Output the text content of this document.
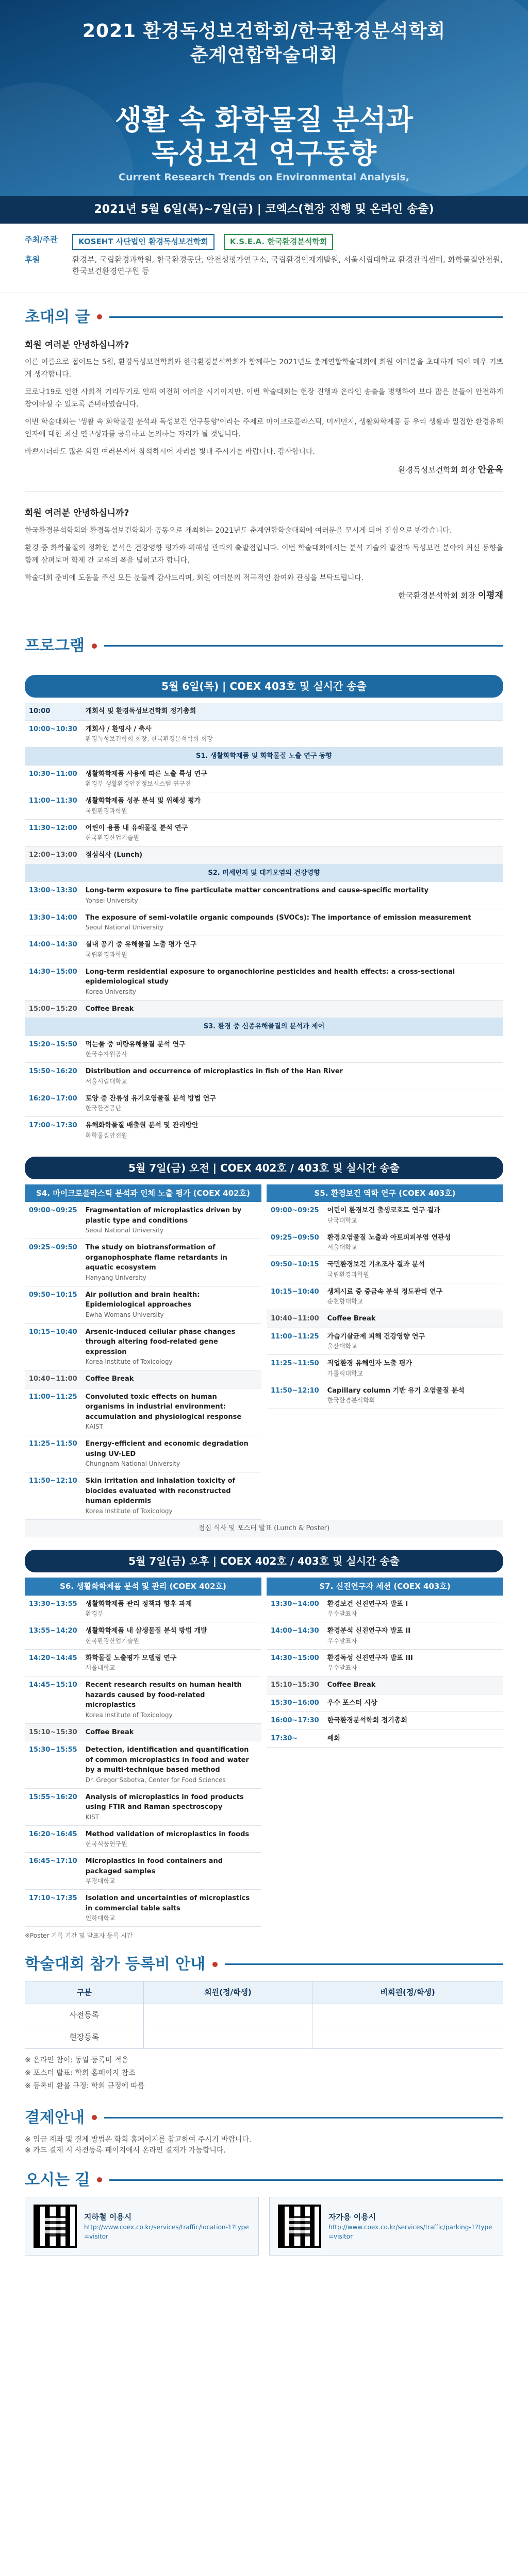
2021 환경독성보건학회/한국환경분석학회
춘계연합학술대회
생활 속 화학물질 분석과
독성보건 연구동향
Current Research Trends on Environmental Analysis,
2021년 5월 6일(목)~7일(금) | 코엑스(현장 진행 및 온라인 송출)
주최/주관	KOSEHT 사단법인 환경독성보건학회	K.S.E.A. 한국환경분석학회
후원	환경부, 국립환경과학원, 한국환경공단, 안전성평가연구소, 국립환경인재개발원, 서울시립대학교 환경관리센터, 화학물질안전원, 한국보건환경연구원 등
초대의 글
회원 여러분 안녕하십니까?

이른 여름으로 접어드는 5월, 환경독성보건학회와 한국환경분석학회가 함께하는 2021년도 춘계연합학술대회에 회원 여러분을 초대하게 되어 매우 기쁘게 생각합니다.

코로나19로 인한 사회적 거리두기로 인해 여전히 어려운 시기이지만, 이번 학술대회는 현장 진행과 온라인 송출을 병행하여 보다 많은 분들이 안전하게 참여하실 수 있도록 준비하였습니다.

이번 학술대회는 '생활 속 화학물질 분석과 독성보건 연구동향'이라는 주제로 마이크로플라스틱, 미세먼지, 생활화학제품 등 우리 생활과 밀접한 환경유해인자에 대한 최신 연구성과를 공유하고 논의하는 자리가 될 것입니다.

바쁘시더라도 많은 회원 여러분께서 참석하시어 자리를 빛내 주시기를 바랍니다. 감사합니다.

환경독성보건학회 회장 안윤옥
회원 여러분 안녕하십니까?

한국환경분석학회와 환경독성보건학회가 공동으로 개최하는 2021년도 춘계연합학술대회에 여러분을 모시게 되어 진심으로 반갑습니다.

환경 중 화학물질의 정확한 분석은 건강영향 평가와 위해성 관리의 출발점입니다. 이번 학술대회에서는 분석 기술의 발전과 독성보건 분야의 최신 동향을 함께 살펴보며 학제 간 교류의 폭을 넓히고자 합니다.

학술대회 준비에 도움을 주신 모든 분들께 감사드리며, 회원 여러분의 적극적인 참여와 관심을 부탁드립니다.

한국환경분석학회 회장 이평재
프로그램
5월 6일(목) | COEX 403호 및 실시간 송출
10:00	개회식 및 환경독성보건학회 정기총회

10:00~10:30	개회사 / 환영사 / 축사
환경독성보건학회 회장, 한국환경분석학회 회장

S1. 생활화학제품 및 화학물질 노출 연구 동향	
10:30~11:00	생활화학제품 사용에 따른 노출 특성 연구
환경부 생활환경안전정보시스템 연구진

11:00~11:30	생활화학제품 성분 분석 및 위해성 평가
국립환경과학원

11:30~12:00	어린이 용품 내 유해물질 분석 연구
한국환경산업기술원

12:00~13:00	점심식사 (Lunch)

S2. 미세먼지 및 대기오염의 건강영향	
13:00~13:30	Long-term exposure to fine particulate matter concentrations and cause-specific mortality
Yonsei University

13:30~14:00	The exposure of semi-volatile organic compounds (SVOCs): The importance of emission measurement
Seoul National University

14:00~14:30	실내 공기 중 유해물질 노출 평가 연구
국립환경과학원

14:30~15:00	Long-term residential exposure to organochlorine pesticides and health effects: a cross-sectional epidemiological study
Korea University

15:00~15:20	Coffee Break

S3. 환경 중 신종유해물질의 분석과 제어	
15:20~15:50	먹는물 중 미량유해물질 분석 연구
한국수자원공사

15:50~16:20	Distribution and occurrence of microplastics in fish of the Han River
서울시립대학교

16:20~17:00	토양 중 잔류성 유기오염물질 분석 방법 연구
한국환경공단

17:00~17:30	유해화학물질 배출원 분석 및 관리방안
화학물질안전원
5월 7일(금) 오전 | COEX 402호 / 403호 및 실시간 송출
S4. 마이크로플라스틱 분석과 인체 노출 평가 (COEX 402호)
09:00~09:25	Fragmentation of microplastics driven by plastic type and conditions
Seoul National University

09:25~09:50	The study on biotransformation of organophosphate flame retardants in aquatic ecosystem
Hanyang University

09:50~10:15	Air pollution and brain health: Epidemiological approaches
Ewha Womans University

10:15~10:40	Arsenic-induced cellular phase changes through altering food-related gene expression
Korea Institute of Toxicology

10:40~11:00	Coffee Break

11:00~11:25	Convoluted toxic effects on human organisms in industrial environment: accumulation and physiological response
KAIST

11:25~11:50	Energy-efficient and economic degradation using UV-LED
Chungnam National University

11:50~12:10	Skin irritation and inhalation toxicity of biocides evaluated with reconstructed human epidermis
Korea Institute of Toxicology
S5. 환경보건 역학 연구 (COEX 403호)
09:00~09:25	어린이 환경보건 출생코호트 연구 결과
단국대학교

09:25~09:50	환경오염물질 노출과 아토피피부염 연관성
서울대학교

09:50~10:15	국민환경보건 기초조사 결과 분석
국립환경과학원

10:15~10:40	생체시료 중 중금속 분석 정도관리 연구
순천향대학교

10:40~11:00	Coffee Break

11:00~11:25	가습기살균제 피해 건강영향 연구
울산대학교

11:25~11:50	직업환경 유해인자 노출 평가
가톨릭대학교

11:50~12:10	Capillary column 기반 유기 오염물질 분석
한국환경분석학회
점심 식사 및 포스터 발표 (Lunch & Poster)
5월 7일(금) 오후 | COEX 402호 / 403호 및 실시간 송출
S6. 생활화학제품 분석 및 관리 (COEX 402호)
13:30~13:55	생활화학제품 관리 정책과 향후 과제
환경부

13:55~14:20	생활화학제품 내 살생물질 분석 방법 개발
한국환경산업기술원

14:20~14:45	화학물질 노출평가 모델링 연구
서울대학교

14:45~15:10	Recent research results on human health hazards caused by food-related microplastics
Korea Institute of Toxicology

15:10~15:30	Coffee Break

15:30~15:55	Detection, identification and quantification of common microplastics in food and water by a multi-technique based method
Dr. Gregor Sabotka, Center for Food Sciences

15:55~16:20	Analysis of microplastics in food products using FTIR and Raman spectroscopy
KIST

16:20~16:45	Method validation of microplastics in foods
한국식품연구원

16:45~17:10	Microplastics in food containers and packaged samples
부경대학교

17:10~17:35	Isolation and uncertainties of microplastics in commercial table salts
인하대학교
S7. 신진연구자 세션 (COEX 403호)
13:30~14:00	환경보건 신진연구자 발표 I
우수발표자

14:00~14:30	환경분석 신진연구자 발표 II
우수발표자

14:30~15:00	환경독성 신진연구자 발표 III
우수발표자

15:10~15:30	Coffee Break

15:30~16:00	우수 포스터 시상

16:00~17:30	한국환경분석학회 정기총회

17:30~	폐회
※Poster 기록 기간 및 발표자 등록 시간
학술대회 참가 등록비 안내
구분	회원(정/학생)	비회원(정/학생)
사전등록		
현장등록		
※ 온라인 참여: 동일 등록비 적용
※ 포스터 발표: 학회 홈페이지 참조
※ 등록비 환불 규정: 학회 규정에 따름
결제안내
※ 입금 계좌 및 결제 방법은 학회 홈페이지를 참고하여 주시기 바랍니다.
※ 카드 결제 시 사전등록 페이지에서 온라인 결제가 가능합니다.
오시는 길
지하철 이용시
http://www.coex.co.kr/services/traffic/location-1?type=visitor
자가용 이용시
http://www.coex.co.kr/services/traffic/parking-1?type=visitor
